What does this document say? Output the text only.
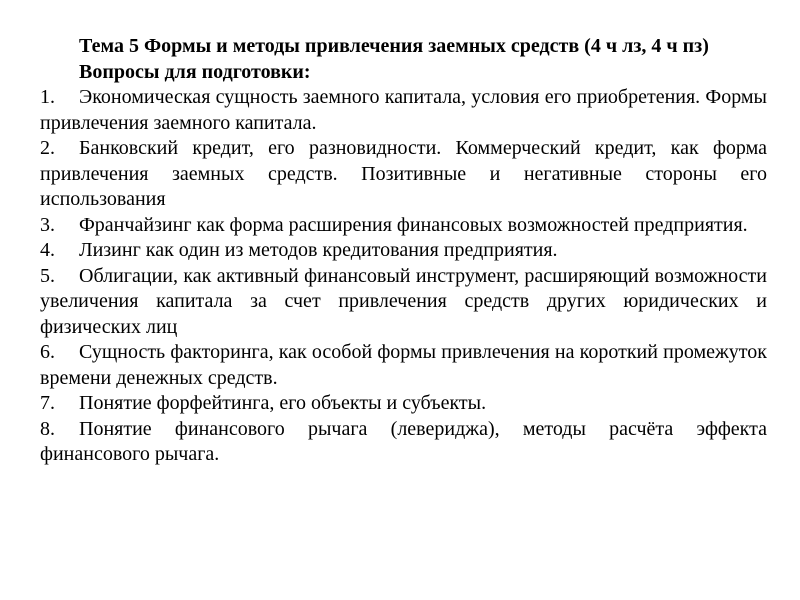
Тема 5 Формы и методы привлечения заемных средств (4 ч лз, 4 ч пз)

Вопросы для подготовки:

1. Экономическая сущность заемного капитала, условия его приобретения. Формы привлечения заемного капитала.
2. Банковский кредит, его разновидности. Коммерческий кредит, как форма привлечения заемных средств. Позитивные и негативные стороны его использования
3. Франчайзинг как форма расширения финансовых возможностей предприятия.
4. Лизинг как один из методов кредитования предприятия.
5. Облигации, как активный финансовый инструмент, расширяющий возможности увеличения капитала за счет привлечения средств других юридических и физических лиц
6. Сущность факторинга, как особой формы привлечения на короткий промежуток времени денежных средств.
7. Понятие форфейтинга, его объекты и субъекты.
8. Понятие финансового рычага (левериджа), методы расчёта эффекта финансового рычага.
